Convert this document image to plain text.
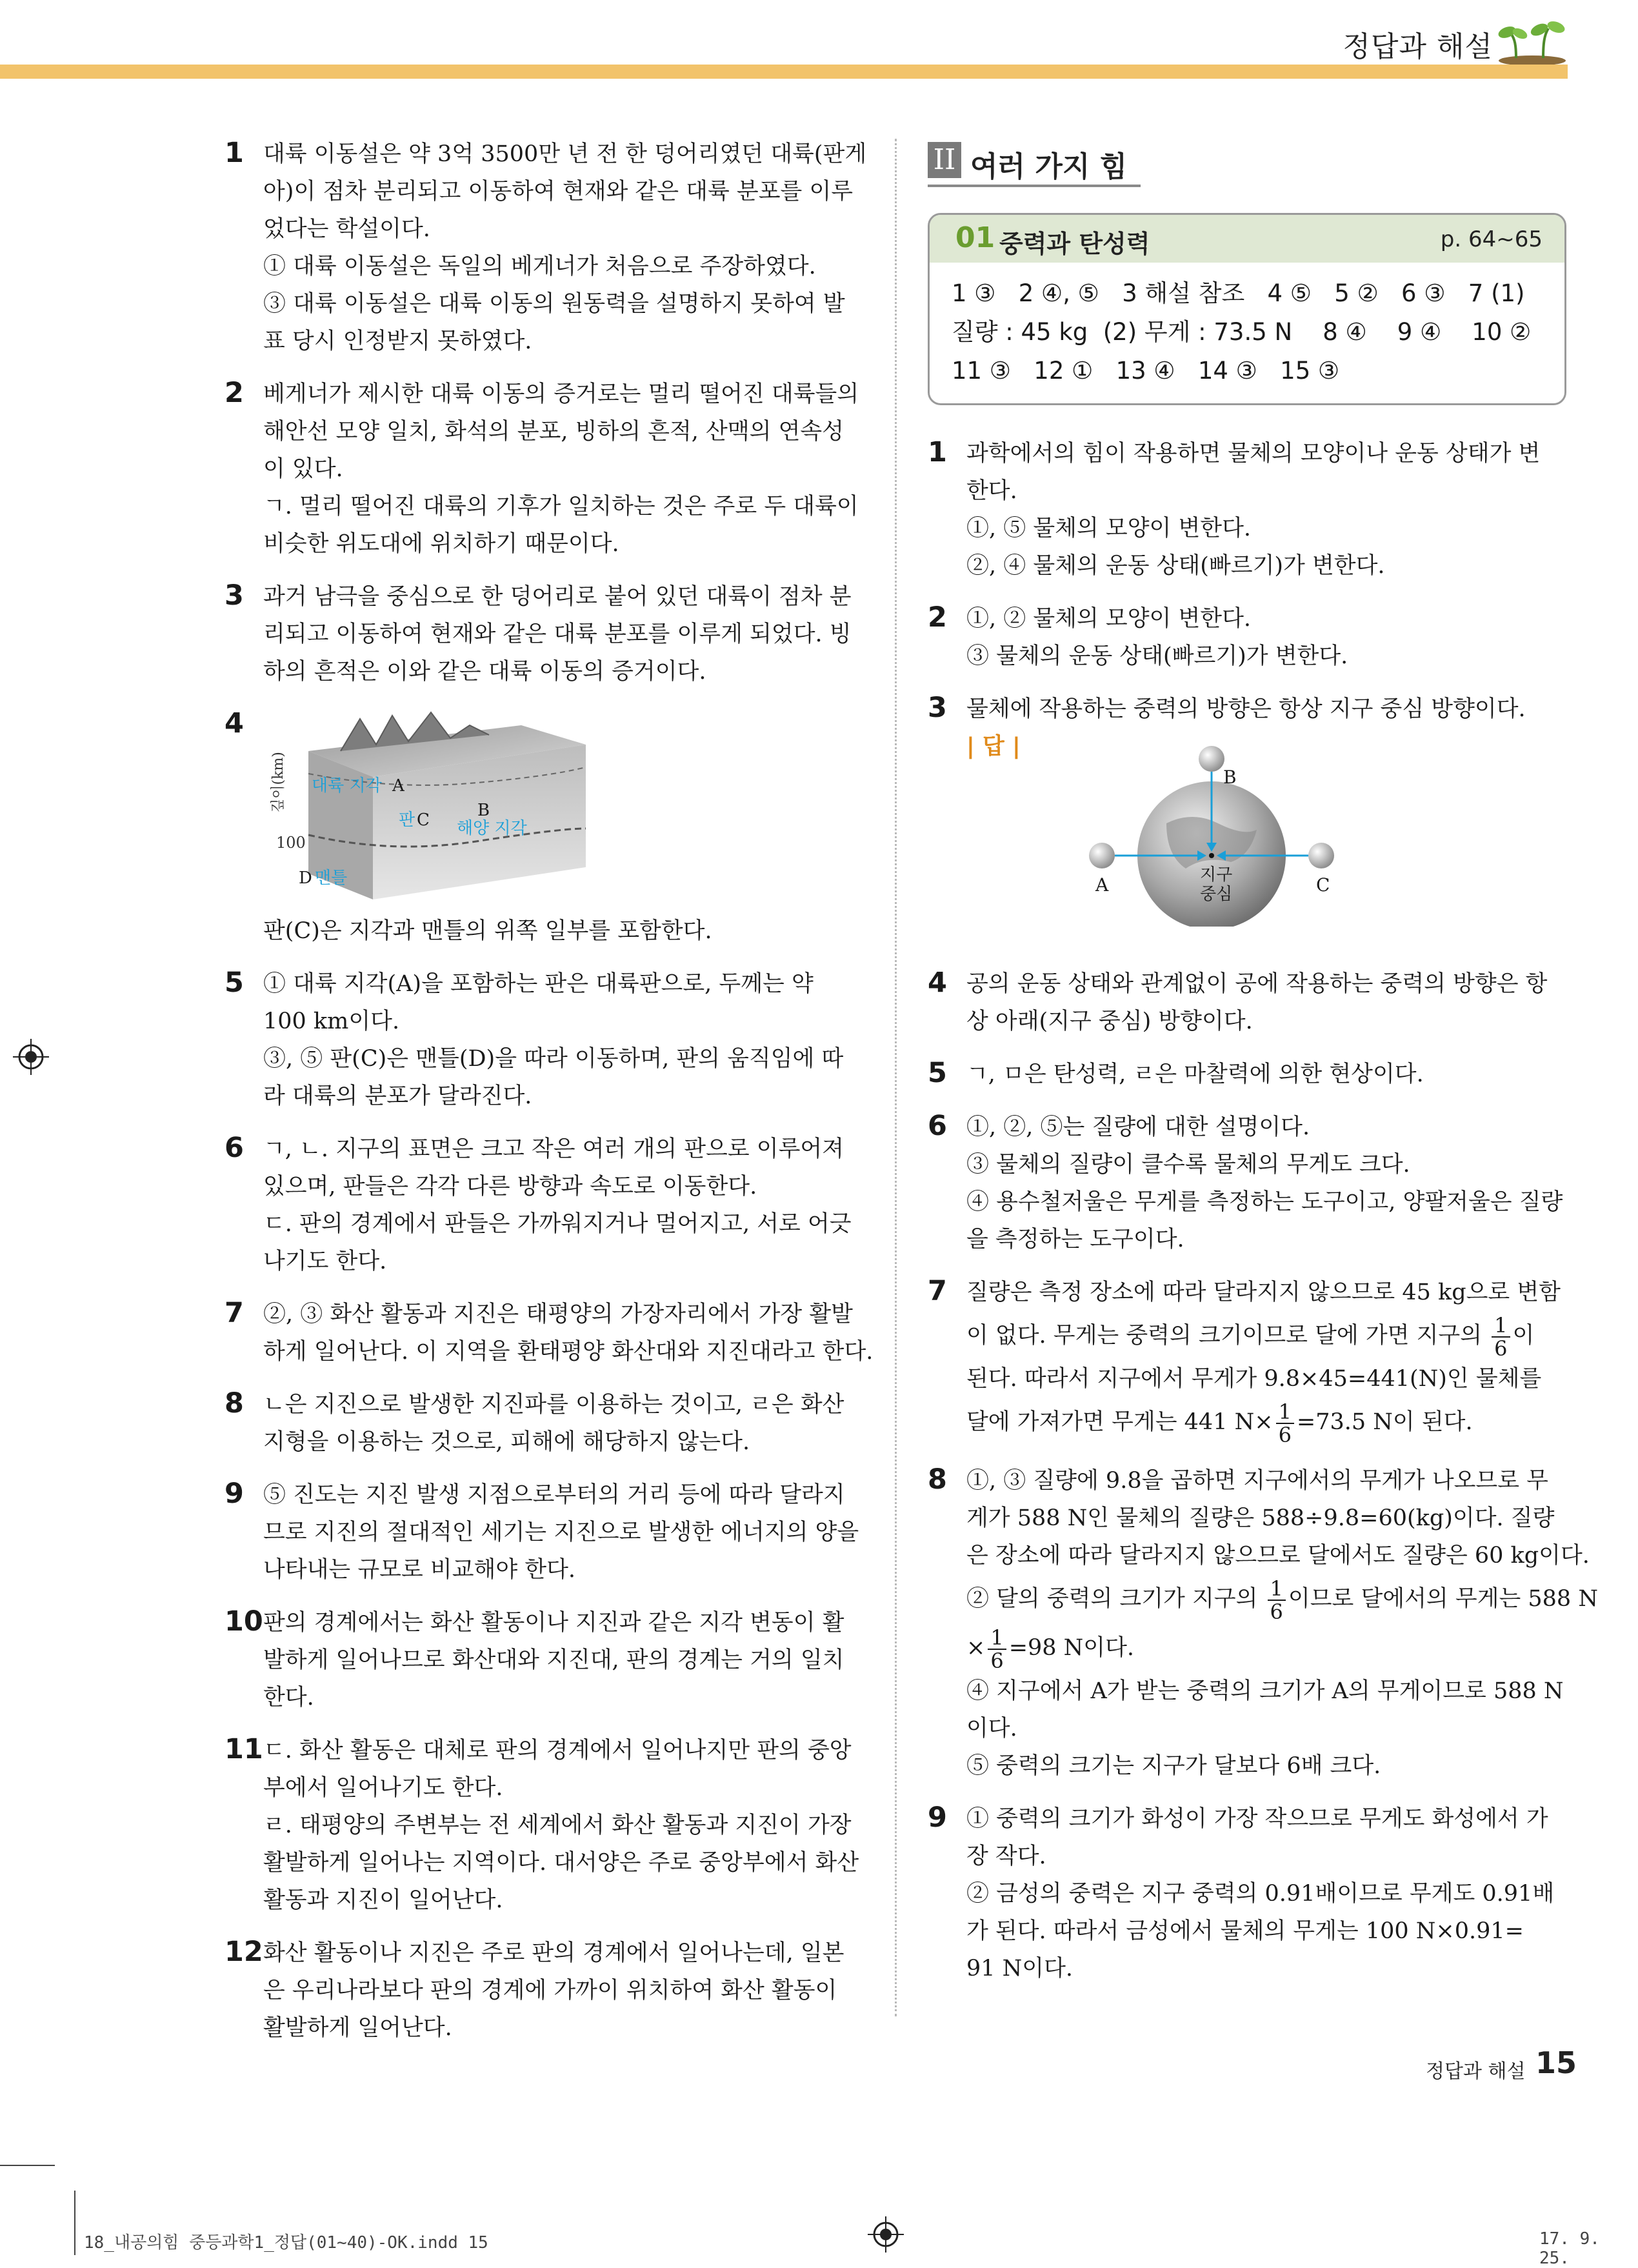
정답과 해설
1 대륙 이동설은 약 3억 3500만 년 전 한 덩어리였던 대륙(판게
아)이 점차 분리되고 이동하여 현재와 같은 대륙 분포를 이루
었다는 학설이다.
① 대륙 이동설은 독일의 베게너가 처음으로 주장하였다.
③ 대륙 이동설은 대륙 이동의 원동력을 설명하지 못하여 발
표 당시 인정받지 못하였다.
2 베게너가 제시한 대륙 이동의 증거로는 멀리 떨어진 대륙들의
해안선 모양 일치, 화석의 분포, 빙하의 흔적, 산맥의 연속성
이 있다.
ㄱ. 멀리 떨어진 대륙의 기후가 일치하는 것은 주로 두 대륙이
비슷한 위도대에 위치하기 때문이다.
3 과거 남극을 중심으로 한 덩어리로 붙어 있던 대륙이 점차 분
리되고 이동하여 현재와 같은 대륙 분포를 이루게 되었다. 빙
하의 흔적은 이와 같은 대륙 이동의 증거이다.
4
100
깊이(km) 대륙 지각 A
B
해양 지각
판 C
D 맨틀
판(C)은 지각과 맨틀의 위쪽 일부를 포함한다.
5 ① 대륙 지각(A)을 포함하는 판은 대륙판으로, 두께는 약
100 km이다.
③, ⑤ 판(C)은 맨틀(D)을 따라 이동하며, 판의 움직임에 따
라 대륙의 분포가 달라진다.
6 ㄱ, ㄴ. 지구의 표면은 크고 작은 여러 개의 판으로 이루어져
있으며, 판들은 각각 다른 방향과 속도로 이동한다.
ㄷ. 판의 경계에서 판들은 가까워지거나 멀어지고, 서로 어긋
나기도 한다.
7 ②, ③ 화산 활동과 지진은 태평양의 가장자리에서 가장 활발
하게 일어난다. 이 지역을 환태평양 화산대와 지진대라고 한다.
8 ㄴ은 지진으로 발생한 지진파를 이용하는 것이고, ㄹ은 화산
지형을 이용하는 것으로, 피해에 해당하지 않는다.
9 ⑤ 진도는 지진 발생 지점으로부터의 거리 등에 따라 달라지
므로 지진의 절대적인 세기는 지진으로 발생한 에너지의 양을
나타내는 규모로 비교해야 한다.
10 판의 경계에서는 화산 활동이나 지진과 같은 지각 변동이 활
발하게 일어나므로 화산대와 지진대, 판의 경계는 거의 일치
한다.
11 ㄷ. 화산 활동은 대체로 판의 경계에서 일어나지만 판의 중앙
부에서 일어나기도 한다.
ㄹ. 태평양의 주변부는 전 세계에서 화산 활동과 지진이 가장
활발하게 일어나는 지역이다. 대서양은 주로 중앙부에서 화산
활동과 지진이 일어난다.
12 화산 활동이나 지진은 주로 판의 경계에서 일어나는데, 일본
은 우리나라보다 판의 경계에 가까이 위치하여 화산 활동이
활발하게 일어난다.
II 여러 가지 힘
01 중력과 탄성력	p. 64~65
1 ③   2 ④, ⑤   3 해설 참조   4 ⑤   5 ②   6 ③   7 (1)
질량 : 45 kg  (2) 무게 : 73.5 N    8 ④    9 ④    10 ②
11 ③   12 ①   13 ④   14 ③   15 ③
1 과학에서의 힘이 작용하면 물체의 모양이나 운동 상태가 변
한다.
①, ⑤ 물체의 모양이 변한다.
②, ④ 물체의 운동 상태(빠르기)가 변한다.
2 ①, ② 물체의 모양이 변한다.
③ 물체의 운동 상태(빠르기)가 변한다.
3 물체에 작용하는 중력의 방향은 항상 지구 중심 방향이다.
| 답 |
B
A	C
지구
중심
4 공의 운동 상태와 관계없이 공에 작용하는 중력의 방향은 항
상 아래(지구 중심) 방향이다.
5 ㄱ, ㅁ은 탄성력, ㄹ은 마찰력에 의한 현상이다.
6 ①, ②, ⑤는 질량에 대한 설명이다.
③ 물체의 질량이 클수록 물체의 무게도 크다.
④ 용수철저울은 무게를 측정하는 도구이고, 양팔저울은 질량
을 측정하는 도구이다.
7 질량은 측정 장소에 따라 달라지지 않으므로 45 kg으로 변함
이 없다. 무게는 중력의 크기이므로 달에 가면 지구의 $\frac{1}{6}$ 이
된다. 따라서 지구에서 무게가 9.8×45=441(N)인 물체를
달에 가져가면 무게는 441 $N\times \frac{1}{6} =73.5$ N이 된다.
8 ①, ③ 질량에 9.8을 곱하면 지구에서의 무게가 나오므로 무
게가 588 N인 물체의 질량은 588÷9.8=60(kg)이다. 질량
은 장소에 따라 달라지지 않으므로 달에서도 질량은 60 kg이다.
② 달의 중력의 크기가 지구의 $\frac{1}{6}$ 이므로 달에서의 무게는 588 N
× $\frac{1}{6} =98$ N이다.
④ 지구에서 A가 받는 중력의 크기가 A의 무게이므로 588 N
이다.
⑤ 중력의 크기는 지구가 달보다 6배 크다.
9 ① 중력의 크기가 화성이 가장 작으므로 무게도 화성에서 가
장 작다.
② 금성의 중력은 지구 중력의 0.91배이므로 무게도 0.91배
가 된다. 따라서 금성에서 물체의 무게는 100 N×0.91=
91 N이다.
정답과 해설 15
18_내공의힘 중등과학1_정답(01~40)-OK.indd 15	17. 9. 25.
